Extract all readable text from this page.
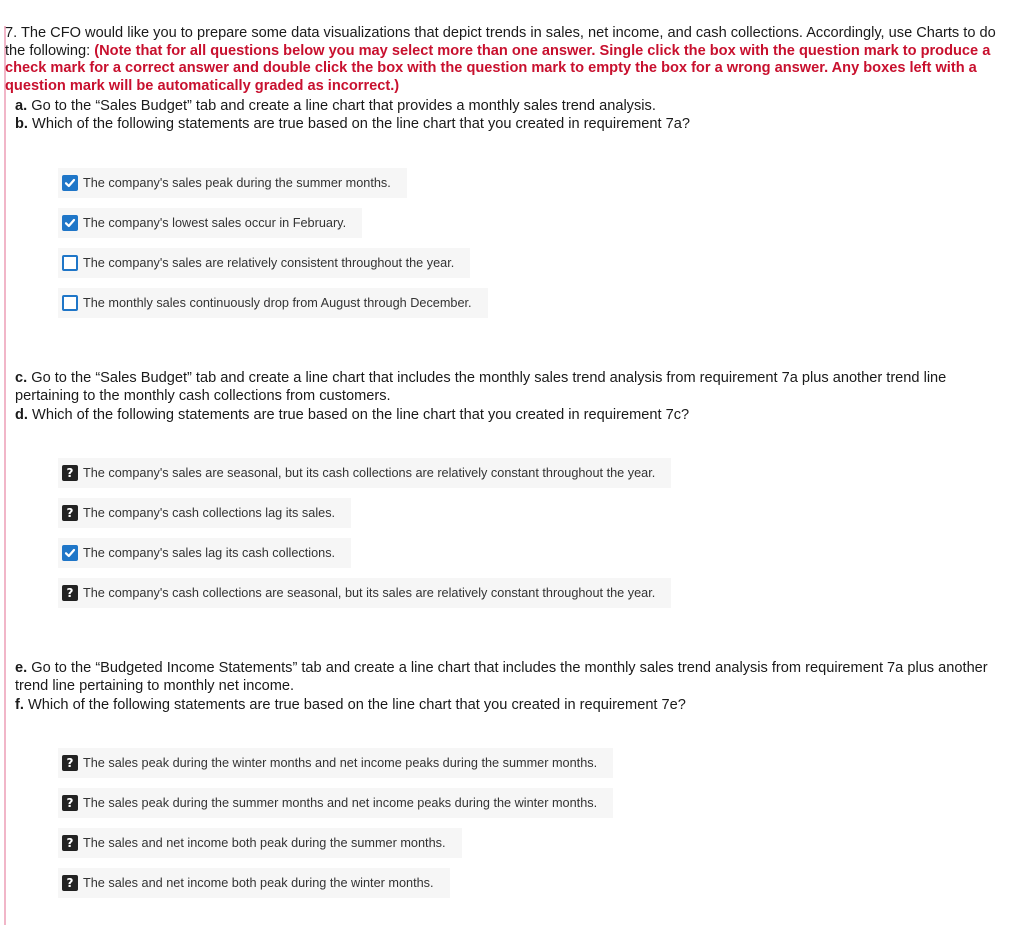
7. The CFO would like you to prepare some data visualizations that depict trends in sales, net income, and cash collections. Accordingly, use Charts to do the following: (Note that for all questions below you may select more than one answer. Single click the box with the question mark to produce a check mark for a correct answer and double click the box with the question mark to empty the box for a wrong answer. Any boxes left with a question mark will be automatically graded as incorrect.)
a. Go to the “Sales Budget” tab and create a line chart that provides a monthly sales trend analysis.
b. Which of the following statements are true based on the line chart that you created in requirement 7a?
The company's sales peak during the summer months.
The company's lowest sales occur in February.
The company's sales are relatively consistent throughout the year.
The monthly sales continuously drop from August through December.
c. Go to the “Sales Budget” tab and create a line chart that includes the monthly sales trend analysis from requirement 7a plus another trend line pertaining to the monthly cash collections from customers.
d. Which of the following statements are true based on the line chart that you created in requirement 7c?
? The company's sales are seasonal, but its cash collections are relatively constant throughout the year.
? The company's cash collections lag its sales.
The company's sales lag its cash collections.
? The company's cash collections are seasonal, but its sales are relatively constant throughout the year.
e. Go to the “Budgeted Income Statements” tab and create a line chart that includes the monthly sales trend analysis from requirement 7a plus another trend line pertaining to monthly net income.
f. Which of the following statements are true based on the line chart that you created in requirement 7e?
? The sales peak during the winter months and net income peaks during the summer months.
? The sales peak during the summer months and net income peaks during the winter months.
? The sales and net income both peak during the summer months.
? The sales and net income both peak during the winter months.
